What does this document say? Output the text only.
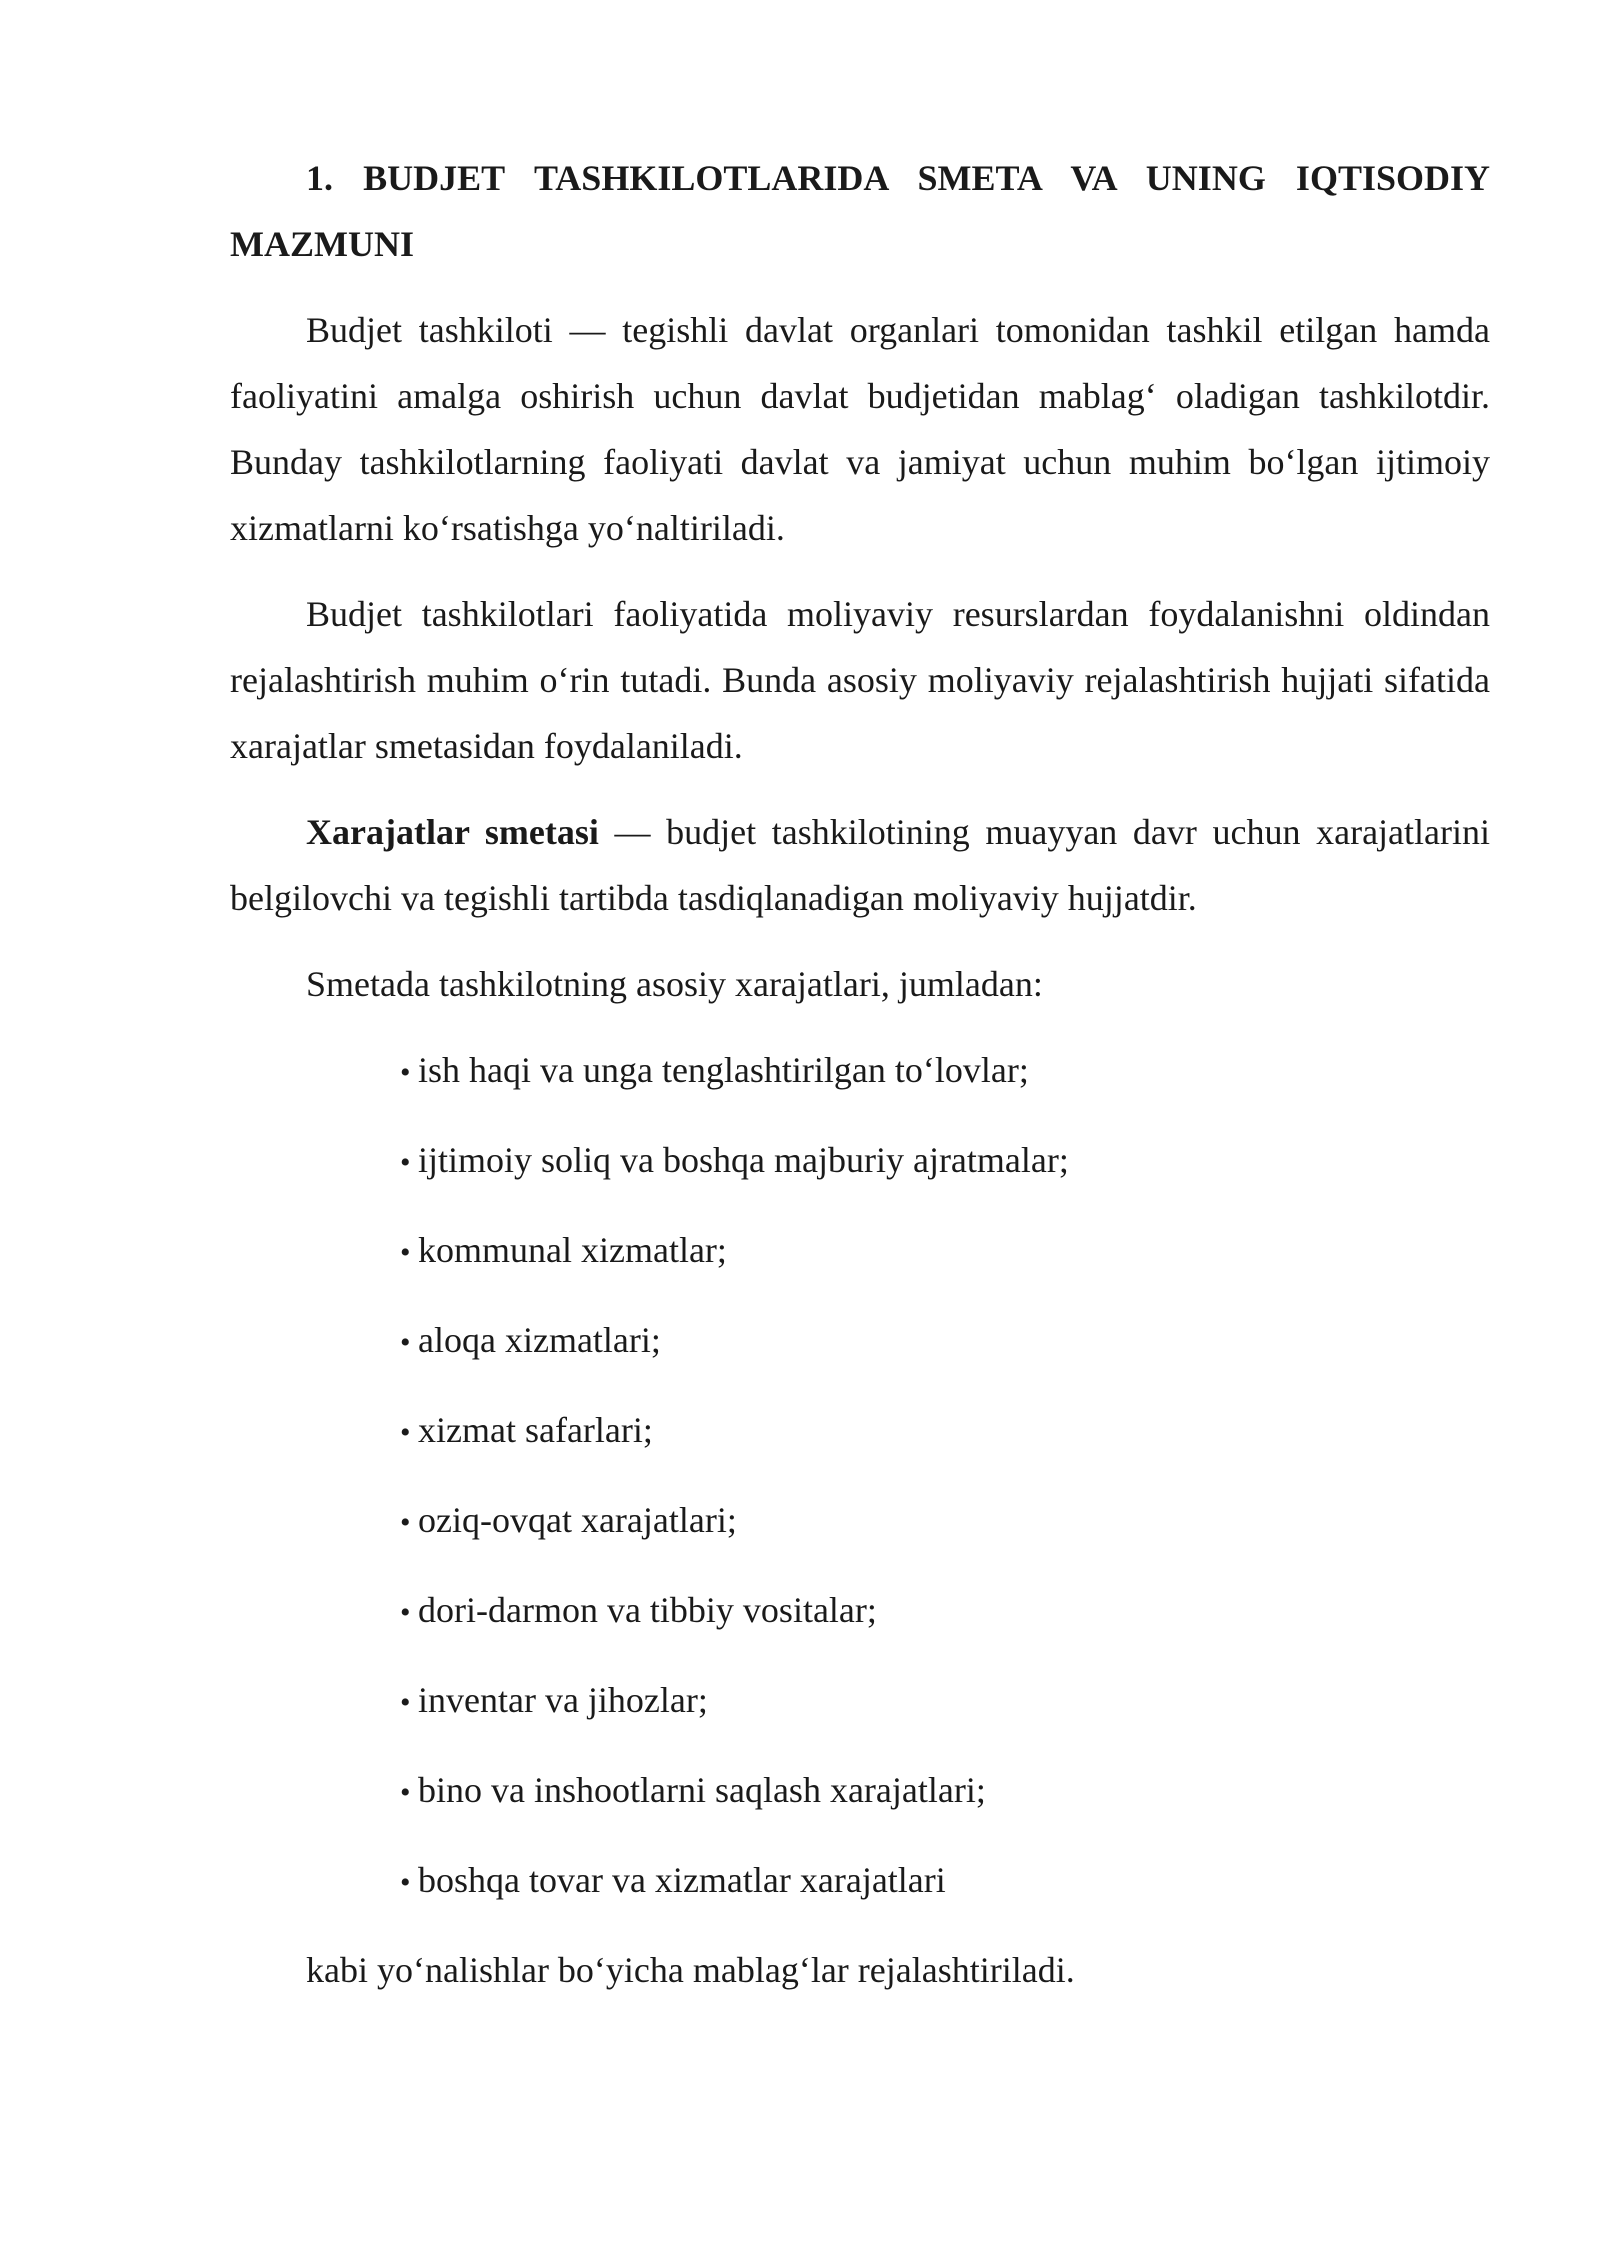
1. BUDJET TASHKILOTLARIDA SMETA VA UNING IQTISODIY MAZMUNI

Budjet tashkiloti — tegishli davlat organlari tomonidan tashkil etilgan hamda faoliyatini amalga oshirish uchun davlat budjetidan mablag‘ oladigan tashkilotdir. Bunday tashkilotlarning faoliyati davlat va jamiyat uchun muhim bo‘lgan ijtimoiy xizmatlarni ko‘rsatishga yo‘naltiriladi.

Budjet tashkilotlari faoliyatida moliyaviy resurslardan foydalanishni oldindan rejalashtirish muhim o‘rin tutadi. Bunda asosiy moliyaviy rejalashtirish hujjati sifatida xarajatlar smetasidan foydalaniladi.

Xarajatlar smetasi — budjet tashkilotining muayyan davr uchun xarajatlarini belgilovchi va tegishli tartibda tasdiqlanadigan moliyaviy hujjatdir.

Smetada tashkilotning asosiy xarajatlari, jumladan:

• ish haqi va unga tenglashtirilgan to‘lovlar;
• ijtimoiy soliq va boshqa majburiy ajratmalar;
• kommunal xizmatlar;
• aloqa xizmatlari;
• xizmat safarlari;
• oziq-ovqat xarajatlari;
• dori-darmon va tibbiy vositalar;
• inventar va jihozlar;
• bino va inshootlarni saqlash xarajatlari;
• boshqa tovar va xizmatlar xarajatlari

kabi yo‘nalishlar bo‘yicha mablag‘lar rejalashtiriladi.
